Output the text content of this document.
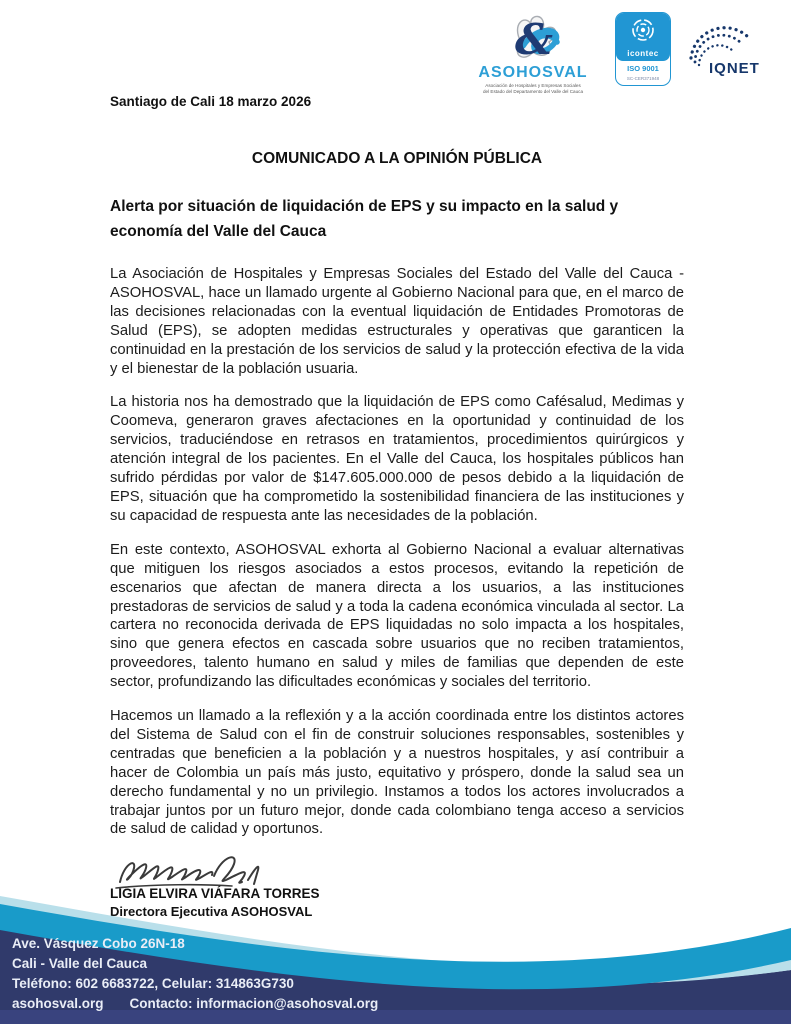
&
ASOHOSVAL
Asociación de Hospitales y Empresas Sociales
del Estado del Departamento del Valle del Cauca
icontec
ISO 9001
SC-CER371948
IQNET
Santiago de Cali 18 marzo 2026
COMUNICADO A LA OPINIÓN PÚBLICA
Alerta por situación de liquidación de EPS y su impacto en la salud y economía del Valle del Cauca

La Asociación de Hospitales y Empresas Sociales del Estado del Valle del Cauca - ASOHOSVAL, hace un llamado urgente al Gobierno Nacional para que, en el marco de las decisiones relacionadas con la eventual liquidación de Entidades Promotoras de Salud (EPS), se adopten medidas estructurales y operativas que garanticen la continuidad en la prestación de los servicios de salud y la protección efectiva de la vida y el bienestar de la población usuaria.

La historia nos ha demostrado que la liquidación de EPS como Cafésalud, Medimas y Coomeva, generaron graves afectaciones en la oportunidad y continuidad de los servicios, traduciéndose en retrasos en tratamientos, procedimientos quirúrgicos y atención integral de los pacientes. En el Valle del Cauca, los hospitales públicos han sufrido pérdidas por valor de $147.605.000.000 de pesos debido a la liquidación de EPS, situación que ha comprometido la sostenibilidad financiera de las instituciones y su capacidad de respuesta ante las necesidades de la población.

En este contexto, ASOHOSVAL exhorta al Gobierno Nacional a evaluar alternativas que mitiguen los riesgos asociados a estos procesos, evitando la repetición de escenarios que afectan de manera directa a los usuarios, a las instituciones prestadoras de servicios de salud y a toda la cadena económica vinculada al sector. La cartera no reconocida derivada de EPS liquidadas no solo impacta a los hospitales, sino que genera efectos en cascada sobre usuarios que no reciben tratamientos, proveedores, talento humano en salud y miles de familias que dependen de este sector, profundizando las dificultades económicas y sociales del territorio.

Hacemos un llamado a la reflexión y a la acción coordinada entre los distintos actores del Sistema de Salud con el fin de construir soluciones responsables, sostenibles y centradas que beneficien a la población y a nuestros hospitales, y así contribuir a hacer de Colombia un país más justo, equitativo y próspero, donde la salud sea un derecho fundamental y no un privilegio. Instamos a todos los actores involucrados a trabajar juntos por un futuro mejor, donde cada colombiano tenga acceso a servicios de salud de calidad y oportunos.

LIGIA ELVIRA VIÁFARA TORRES
Directora Ejecutiva ASOHOSVAL
Ave. Vásquez Cobo 26N-18
Cali - Valle del Cauca
Teléfono: 602 6683722, Celular: 314863G730
asohosval.org Contacto: informacion@asohosval.org
